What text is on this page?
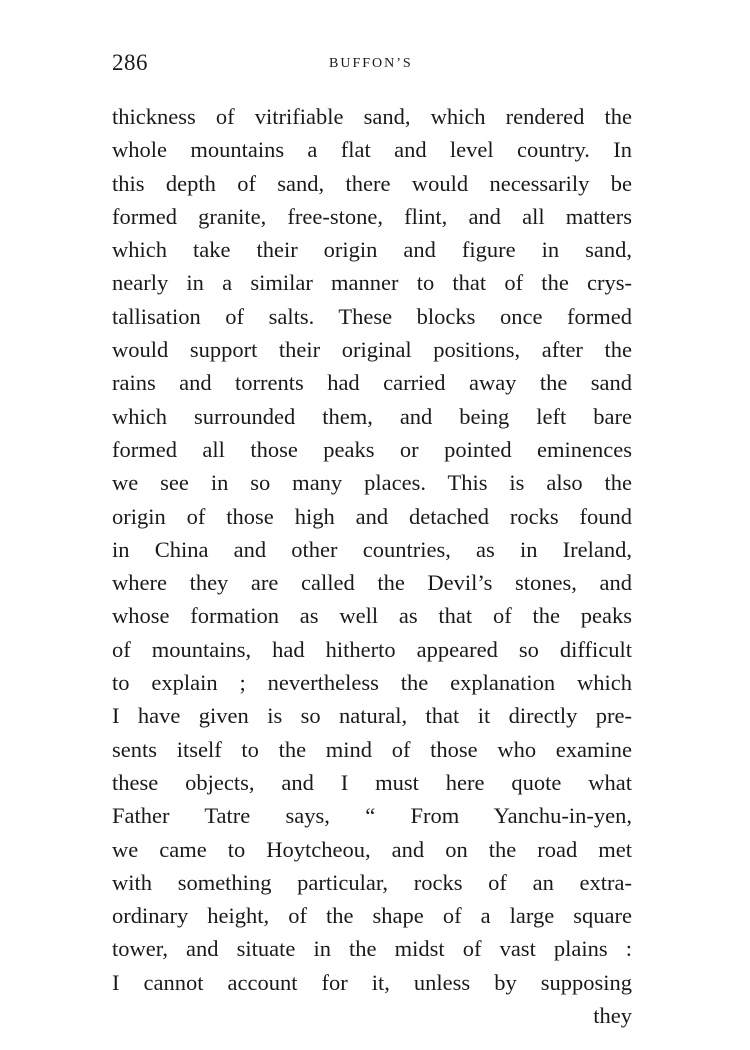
286	BUFFON’S
thickness of vitrifiable sand, which rendered the
whole mountains a flat and level country. In
this depth of sand, there would necessarily be
formed granite, free-stone, flint, and all matters
which take their origin and figure in sand,
nearly in a similar manner to that of the crys-
tallisation of salts. These blocks once formed
would support their original positions, after the
rains and torrents had carried away the sand
which surrounded them, and being left bare
formed all those peaks or pointed eminences
we see in so many places. This is also the
origin of those high and detached rocks found
in China and other countries, as in Ireland,
where they are called the Devil’s stones, and
whose formation as well as that of the peaks
of mountains, had hitherto appeared so difficult
to explain ; nevertheless the explanation which
I have given is so natural, that it directly pre-
sents itself to the mind of those who examine
these objects, and I must here quote what
Father Tatre says, “ From Yanchu-in-yen,
we came to Hoytcheou, and on the road met
with something particular, rocks of an extra-
ordinary height, of the shape of a large square
tower, and situate in the midst of vast plains :
I cannot account for it, unless by supposing
they
